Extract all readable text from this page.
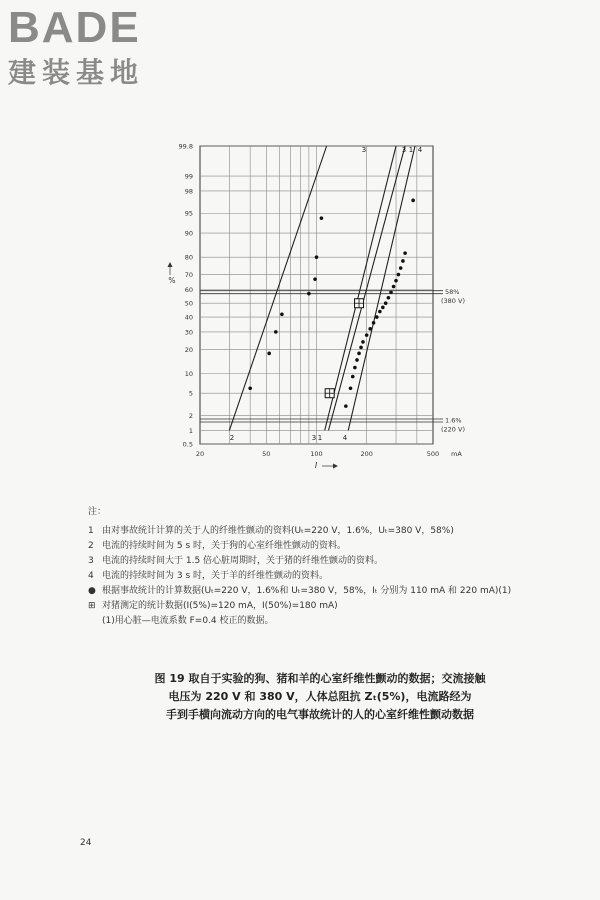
BADE
建装基地
0.5
1
2
5
10
20
30
40
50
60
70
80
90
95
98
99
99.8
20	50	100	200	500 mA
%
I
58%
(380 V)
1.6%
(220 V)
3	3 1 4
2	3 1	4
注：
1 由对事故统计计算的关于人的纤维性颤动的资料(Uₜ=220 V，1.6%，Uₜ=380 V，58%)
2 电流的持续时间为 5 s 时，关于狗的心室纤维性颤动的资料。
3 电流的持续时间大于 1.5 倍心脏周期时，关于猪的纤维性颤动的资料。
4 电流的持续时间为 3 s 时，关于羊的纤维性颤动的资料。
● 根据事故统计的计算数据(Uₜ=220 V，1.6%和 Uₜ=380 V，58%，Iₜ 分别为 110 mA 和 220 mA)(1)
⊞ 对猪测定的统计数据(I(5%)=120 mA，I(50%)=180 mA)
(1)用心脏—电流系数 F=0.4 校正的数据。
图 19 取自于实验的狗、猪和羊的心室纤维性颤动的数据；交流接触
电压为 220 V 和 380 V，人体总阻抗 Zₜ(5%)，电流路经为
手到手横向流动方向的电气事故统计的人的心室纤维性颤动数据
24
